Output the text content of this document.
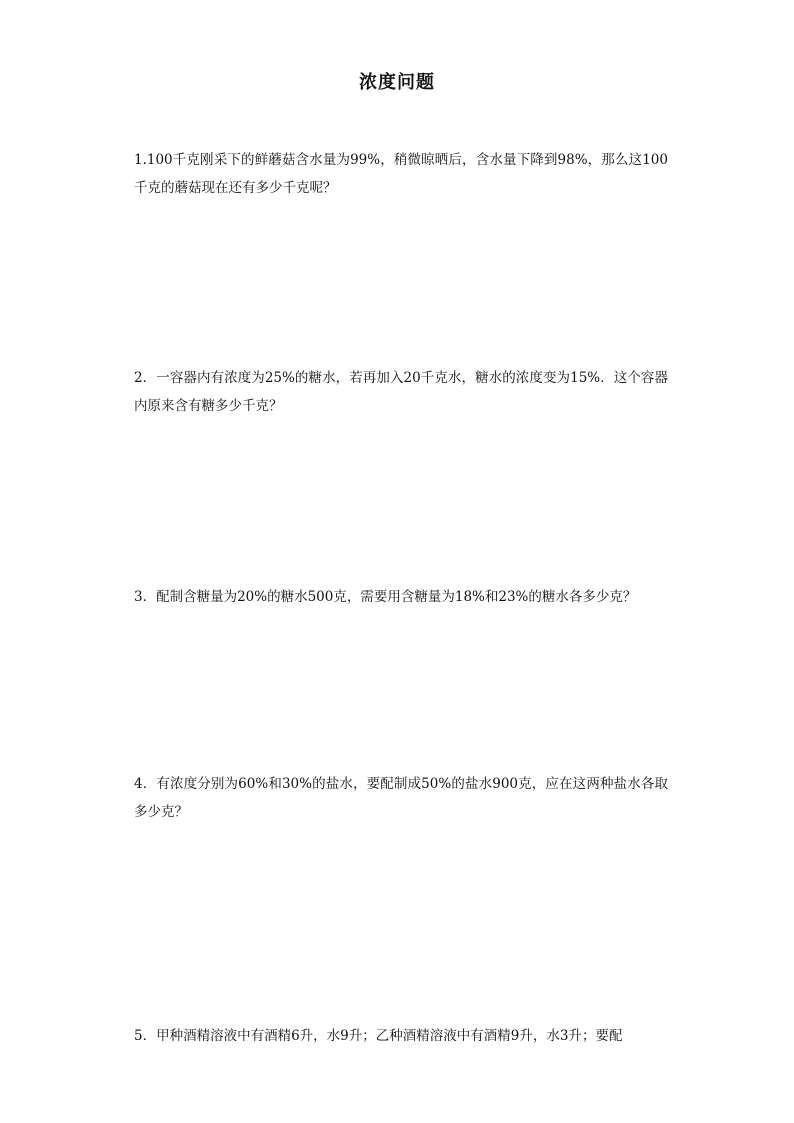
浓度问题
1.100千克刚采下的鲜蘑菇含水量为99%，稍微晾晒后，含水量下降到98%，那么这100千克的蘑菇现在还有多少千克呢？
2．一容器内有浓度为25%的糖水，若再加入20千克水，糖水的浓度变为15%．这个容器内原来含有糖多少千克？
3．配制含糖量为20%的糖水500克，需要用含糖量为18%和23%的糖水各多少克？
4．有浓度分别为60%和30%的盐水，要配制成50%的盐水900克，应在这两种盐水各取多少克？
5．甲种酒精溶液中有酒精6升，水9升；乙种酒精溶液中有酒精9升，水3升；要配
